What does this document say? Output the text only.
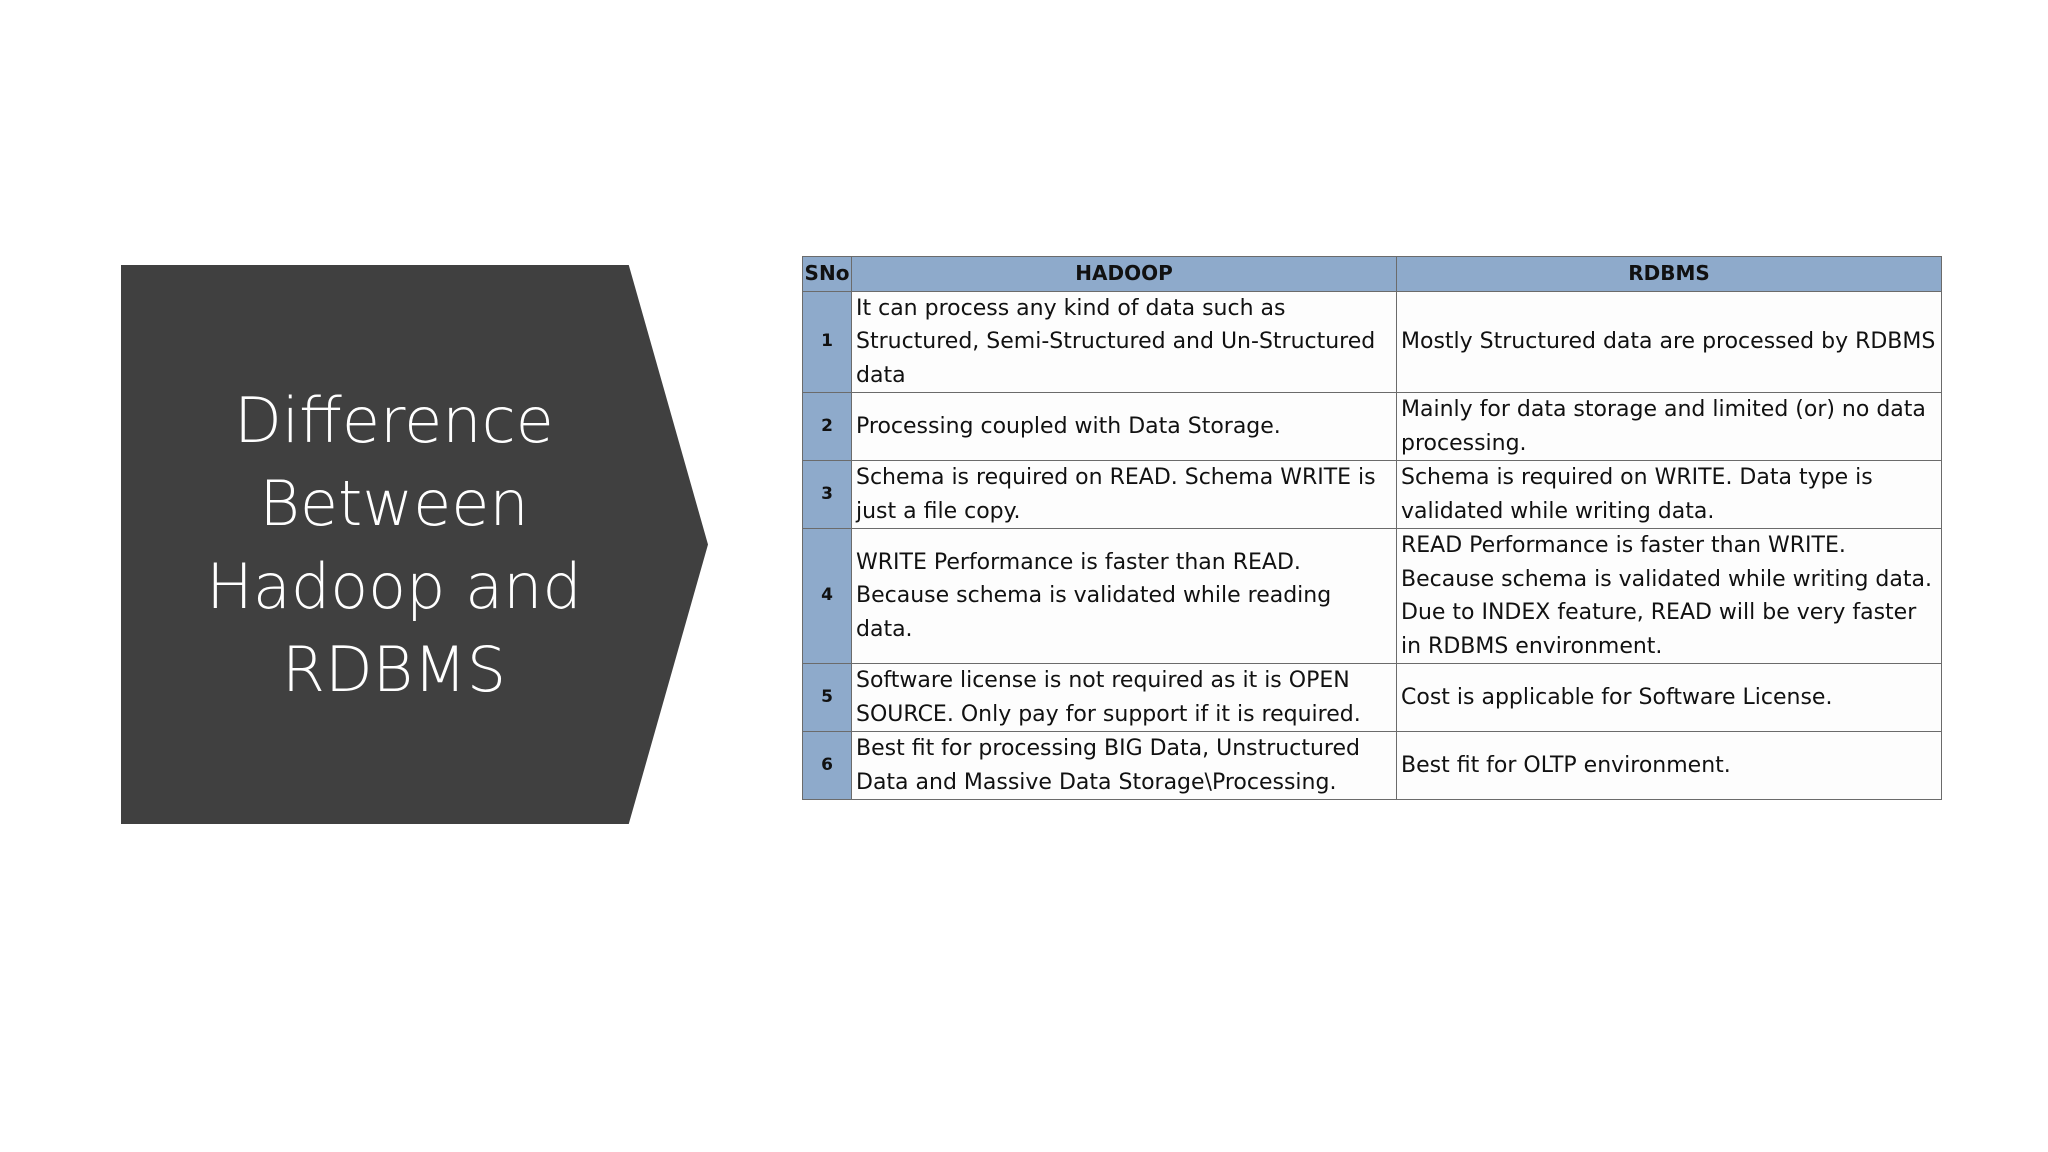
Difference
Between
Hadoop and
RDBMS
SNo	HADOOP	RDBMS
1	It can process any kind of data such as Structured, Semi-Structured and Un-Structured data	Mostly Structured data are processed by RDBMS
2	Processing coupled with Data Storage.	Mainly for data storage and limited (or) no data processing.
3	Schema is required on READ. Schema WRITE is just a file copy.	Schema is required on WRITE. Data type is validated while writing data.
4	WRITE Performance is faster than READ. Because schema is validated while reading data.	READ Performance is faster than WRITE. Because schema is validated while writing data. Due to INDEX feature, READ will be very faster in RDBMS environment.
5	Software license is not required as it is OPEN SOURCE. Only pay for support if it is required.	Cost is applicable for Software License.
6	Best fit for processing BIG Data, Unstructured Data and Massive Data Storage\Processing.	Best fit for OLTP environment.
